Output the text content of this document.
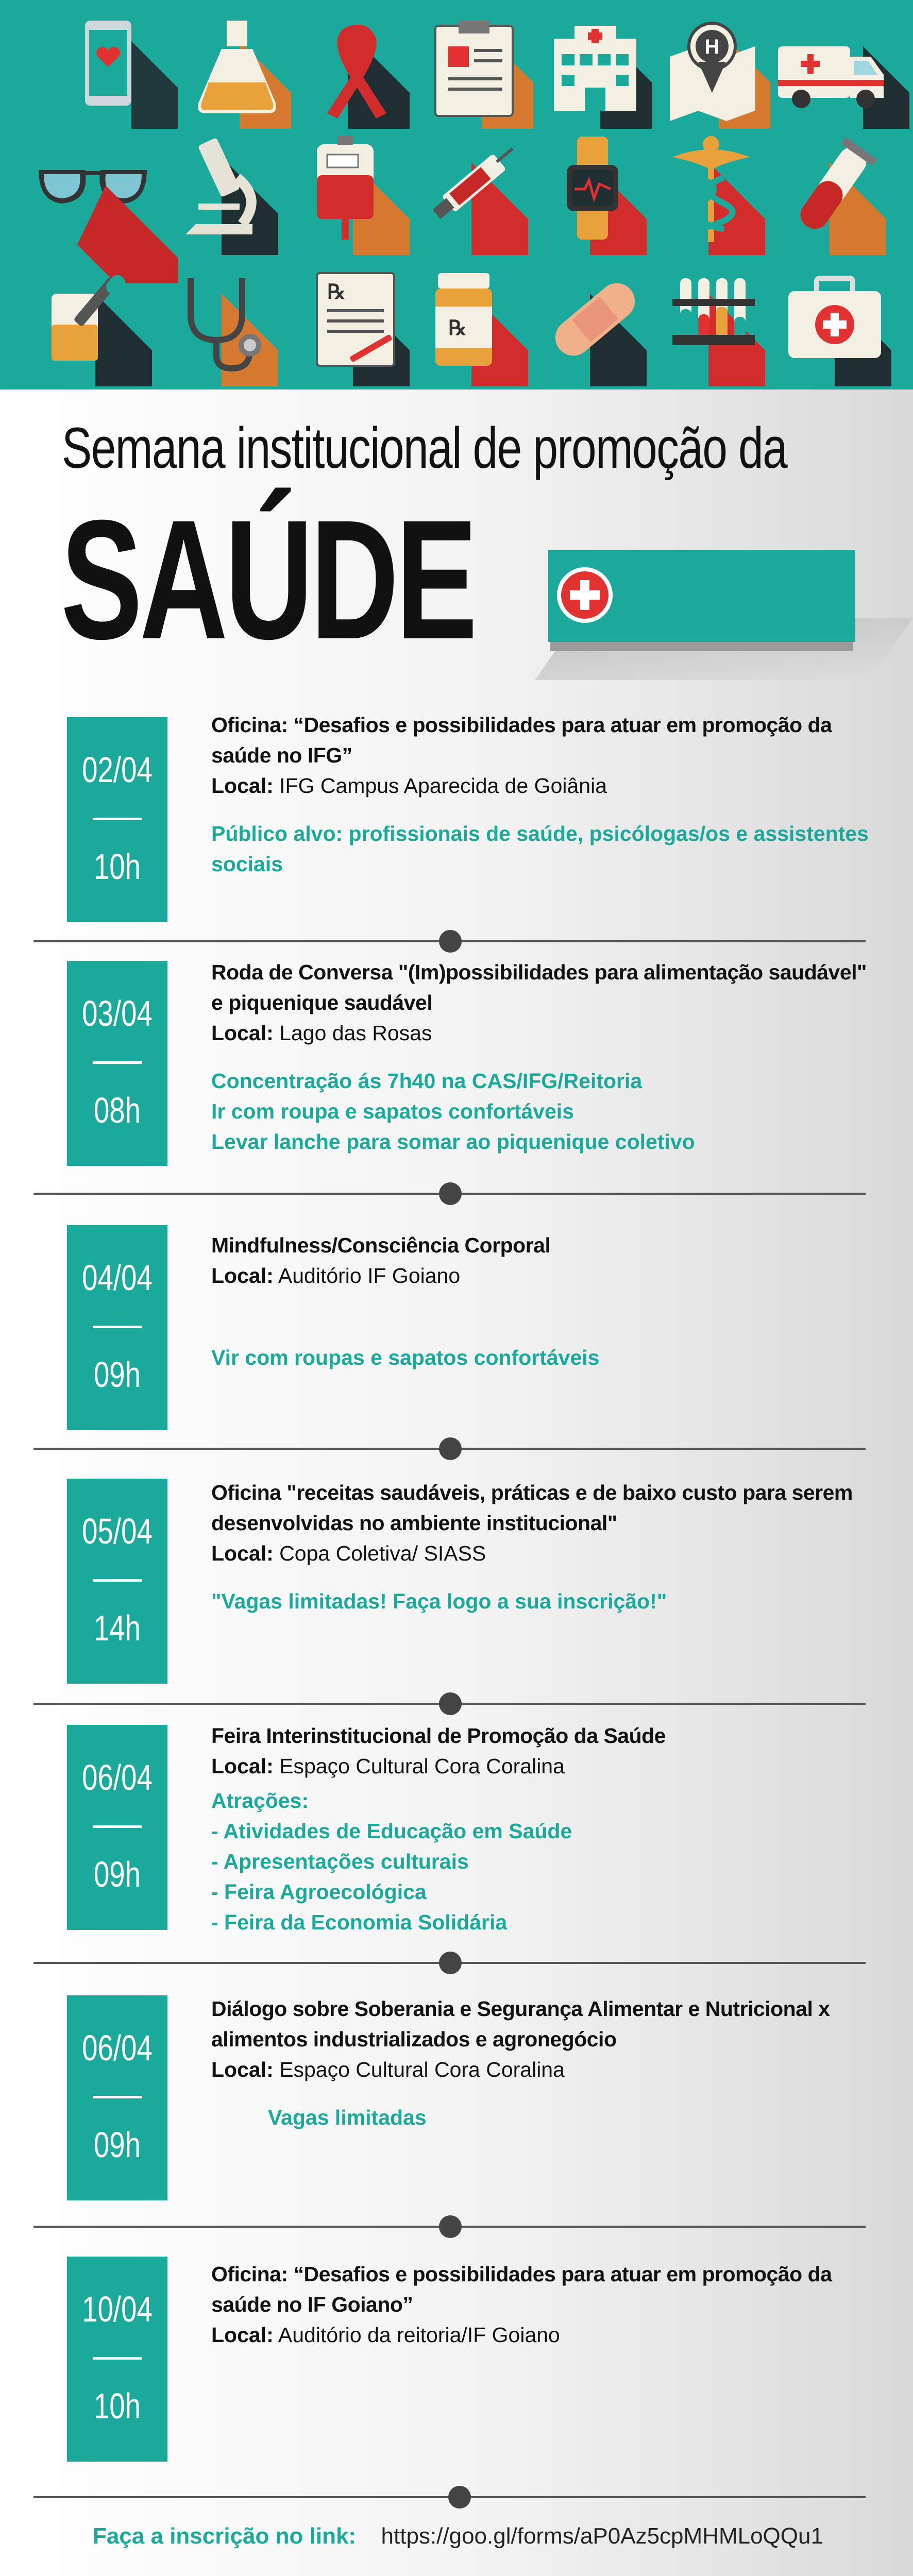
H
℞
℞
Semana institucional de promoção da
SAÚDE
02/04
10h
Oficina: “Desafios e possibilidades para atuar em promoção da saúde no IFG”
Local: IFG Campus Aparecida de Goiânia
Público alvo: profissionais de saúde, psicólogas/os e assistentes sociais
03/04
08h
Roda de Conversa "(Im)possibilidades para alimentação saudável" e piquenique saudável
Local: Lago das Rosas
Concentração ás 7h40 na CAS/IFG/Reitoria
Ir com roupa e sapatos confortáveis
Levar lanche para somar ao piquenique coletivo
04/04
09h
Mindfulness/Consciência Corporal
Local: Auditório IF Goiano
Vir com roupas e sapatos confortáveis
05/04
14h
Oficina "receitas saudáveis, práticas e de baixo custo para serem desenvolvidas no ambiente institucional"
Local: Copa Coletiva/ SIASS
"Vagas limitadas! Faça logo a sua inscrição!"
06/04
09h
Feira Interinstitucional de Promoção da Saúde
Local: Espaço Cultural Cora Coralina
Atrações:
- Atividades de Educação em Saúde
- Apresentações culturais
- Feira Agroecológica
- Feira da Economia Solidária
06/04
09h
Diálogo sobre Soberania e Segurança Alimentar e Nutricional x alimentos industrializados e agronegócio
Local: Espaço Cultural Cora Coralina
Vagas limitadas
10/04
10h
Oficina: “Desafios e possibilidades para atuar em promoção da saúde no IF Goiano”
Local: Auditório da reitoria/IF Goiano
Faça a inscrição no link: https://goo.gl/forms/aP0Az5cpMHMLoQQu1
